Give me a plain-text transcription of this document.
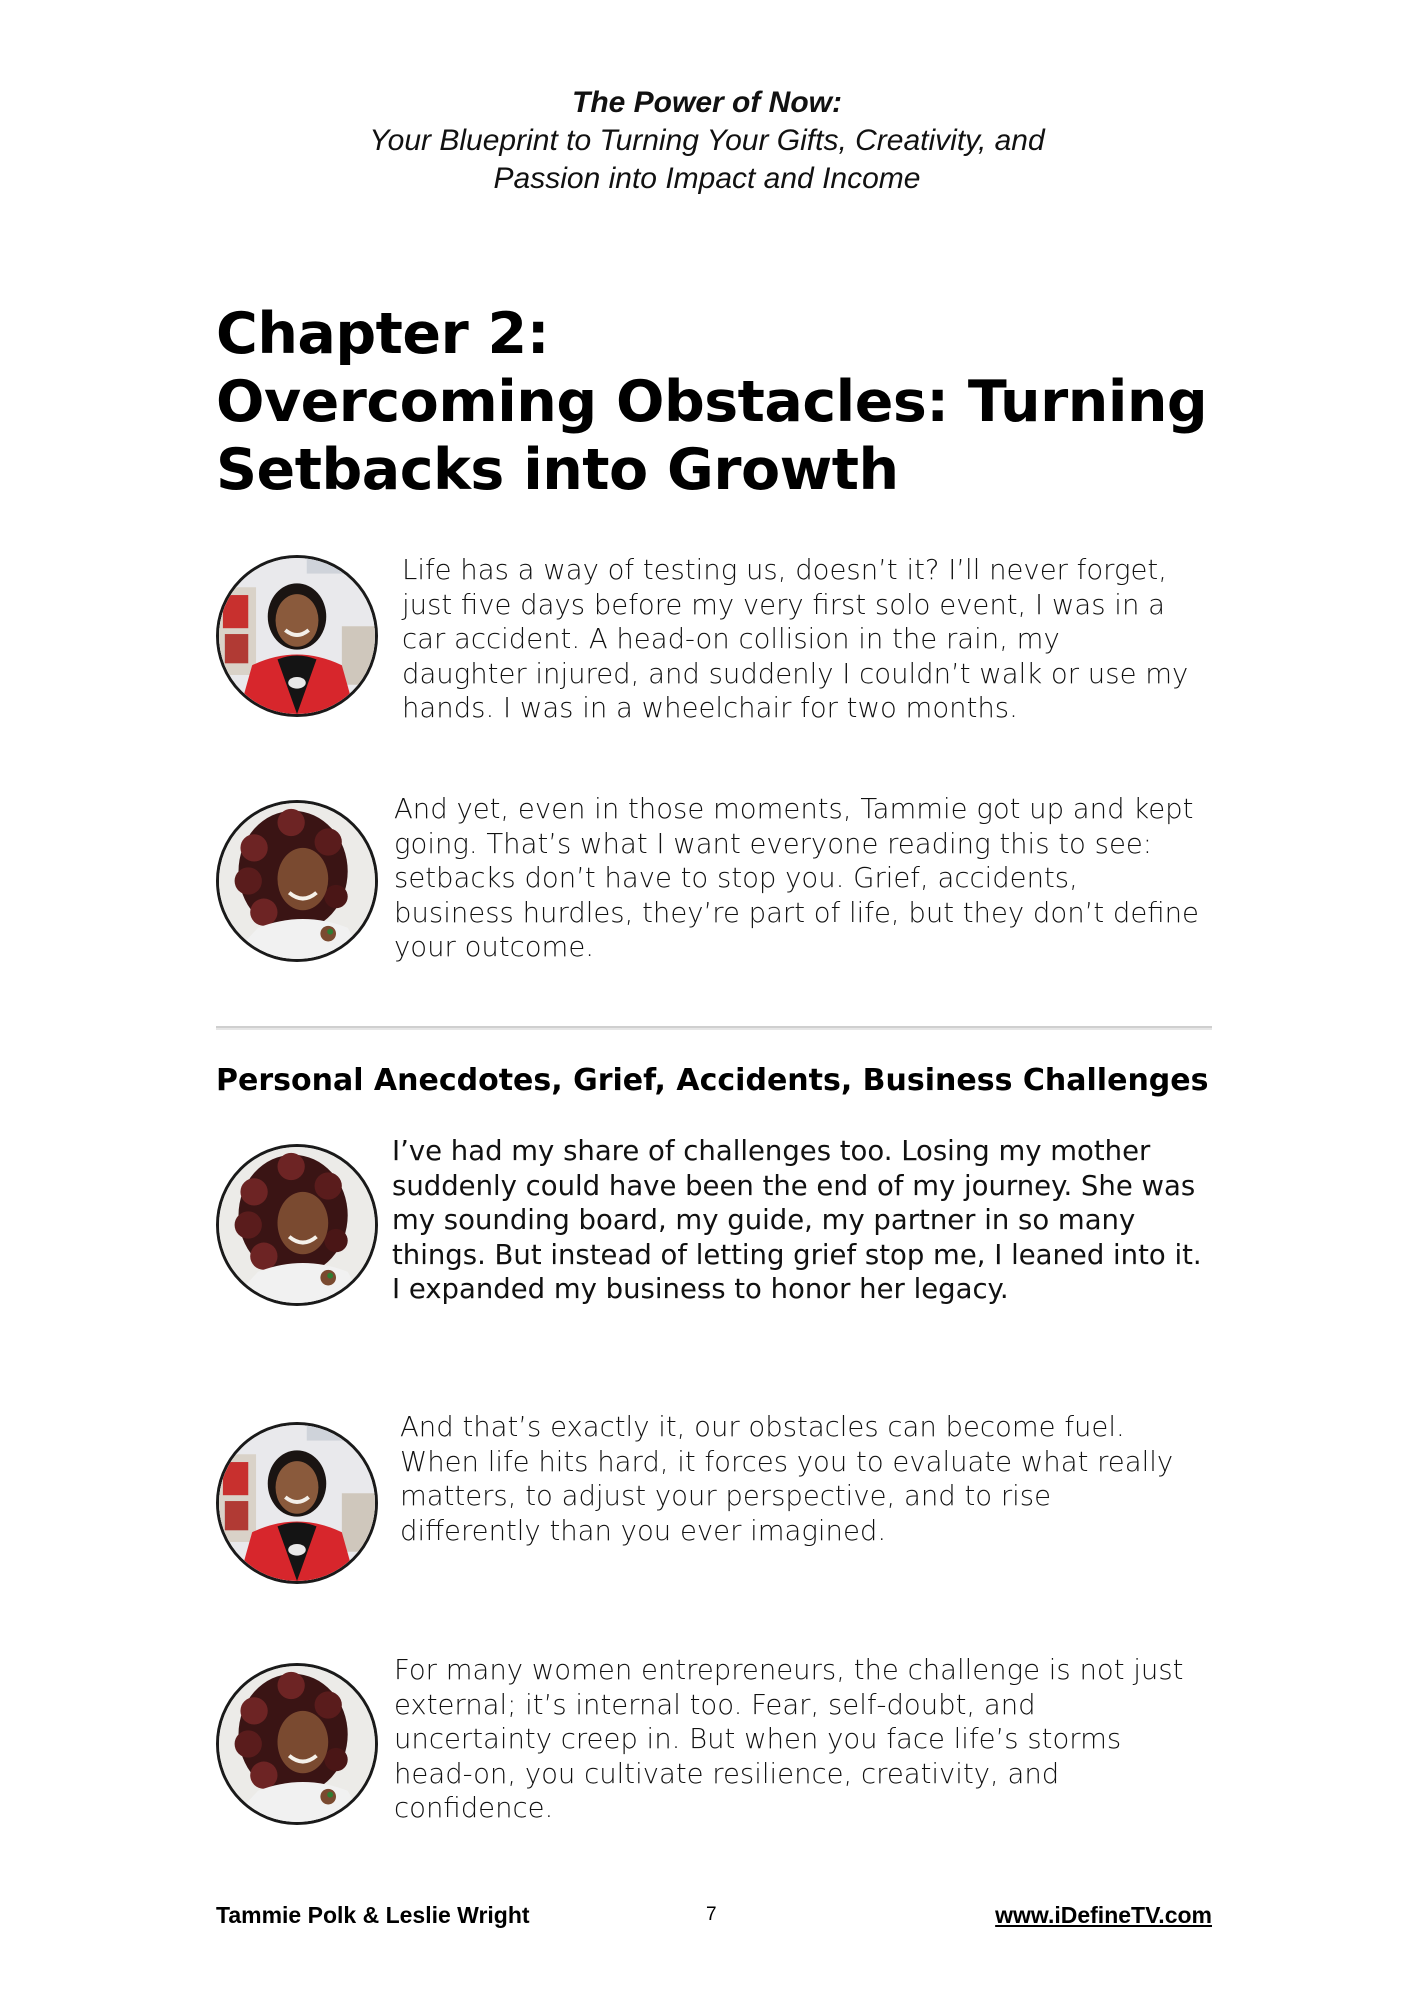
The Power of Now:
Your Blueprint to Turning Your Gifts, Creativity, and Passion into Impact and Income
Chapter 2:
Overcoming Obstacles: Turning
Setbacks into Growth
Life has a way of testing us, doesn’t it? I’ll never forget, just five days before my very first solo event, I was in a car accident. A head-on collision in the rain, my daughter injured, and suddenly I couldn’t walk or use my hands. I was in a wheelchair for two months.
And yet, even in those moments, Tammie got up and kept going. That’s what I want everyone reading this to see: setbacks don’t have to stop you. Grief, accidents, business hurdles, they’re part of life, but they don’t define your outcome.
Personal Anecdotes, Grief, Accidents, Business Challenges

I’ve had my share of challenges too. Losing my mother suddenly could have been the end of my journey. She was my sounding board, my guide, my partner in so many things. But instead of letting grief stop me, I leaned into it. I expanded my business to honor her legacy.

And that’s exactly it, our obstacles can become fuel. When life hits hard, it forces you to evaluate what really matters, to adjust your perspective, and to rise differently than you ever imagined.
For many women entrepreneurs, the challenge is not just external; it’s internal too. Fear, self-doubt, and uncertainty creep in. But when you face life’s storms head-on, you cultivate resilience, creativity, and confidence.
Tammie Polk & Leslie Wright	7	www.iDefineTV.com
